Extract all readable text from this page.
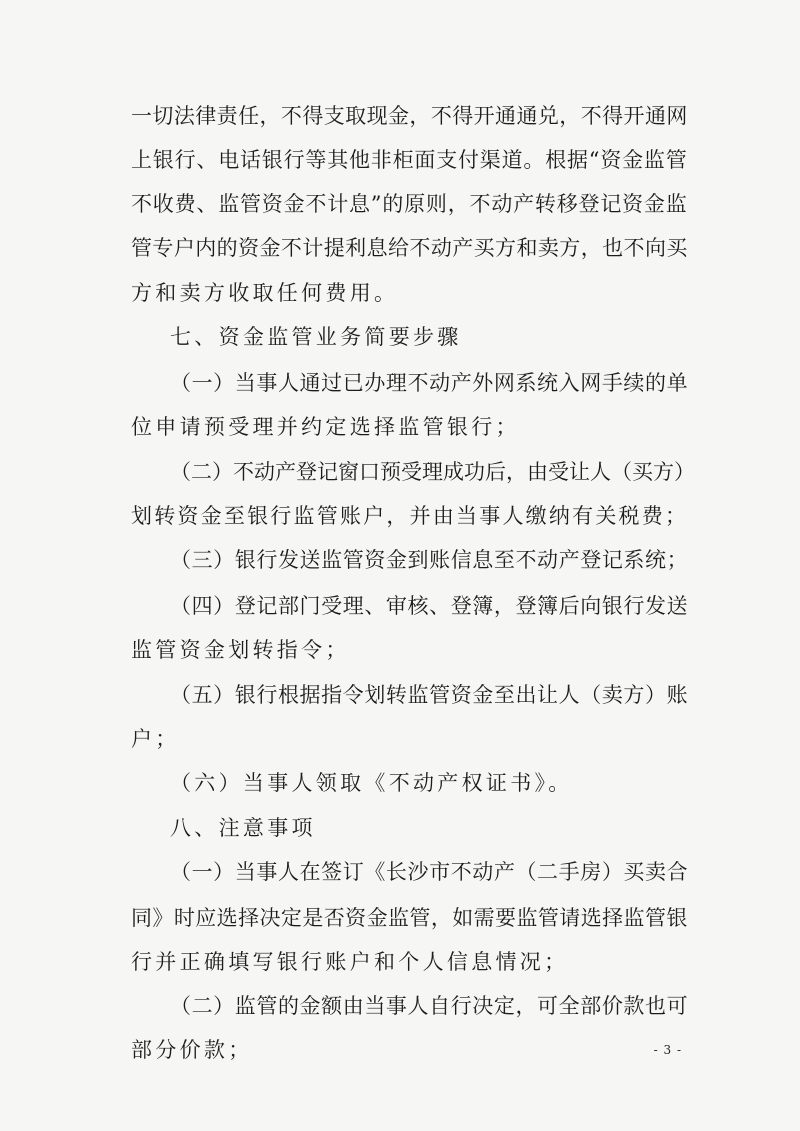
一切法律责任，不得支取现金，不得开通通兑，不得开通网
上银行、电话银行等其他非柜面支付渠道。根据“资金监管
不收费、监管资金不计息”的原则，不动产转移登记资金监
管专户内的资金不计提利息给不动产买方和卖方，也不向买
方和卖方收取任何费用。
七、资金监管业务简要步骤
（一）当事人通过已办理不动产外网系统入网手续的单
位申请预受理并约定选择监管银行；
（二）不动产登记窗口预受理成功后，由受让人（买方）
划转资金至银行监管账户，并由当事人缴纳有关税费；
（三）银行发送监管资金到账信息至不动产登记系统；
（四）登记部门受理、审核、登簿，登簿后向银行发送
监管资金划转指令；
（五）银行根据指令划转监管资金至出让人（卖方）账
户；
（六）当事人领取《不动产权证书》。
八、注意事项
（一）当事人在签订《长沙市不动产（二手房）买卖合
同》时应选择决定是否资金监管，如需要监管请选择监管银
行并正确填写银行账户和个人信息情况；
（二）监管的金额由当事人自行决定，可全部价款也可
部分价款；	- 3 -
